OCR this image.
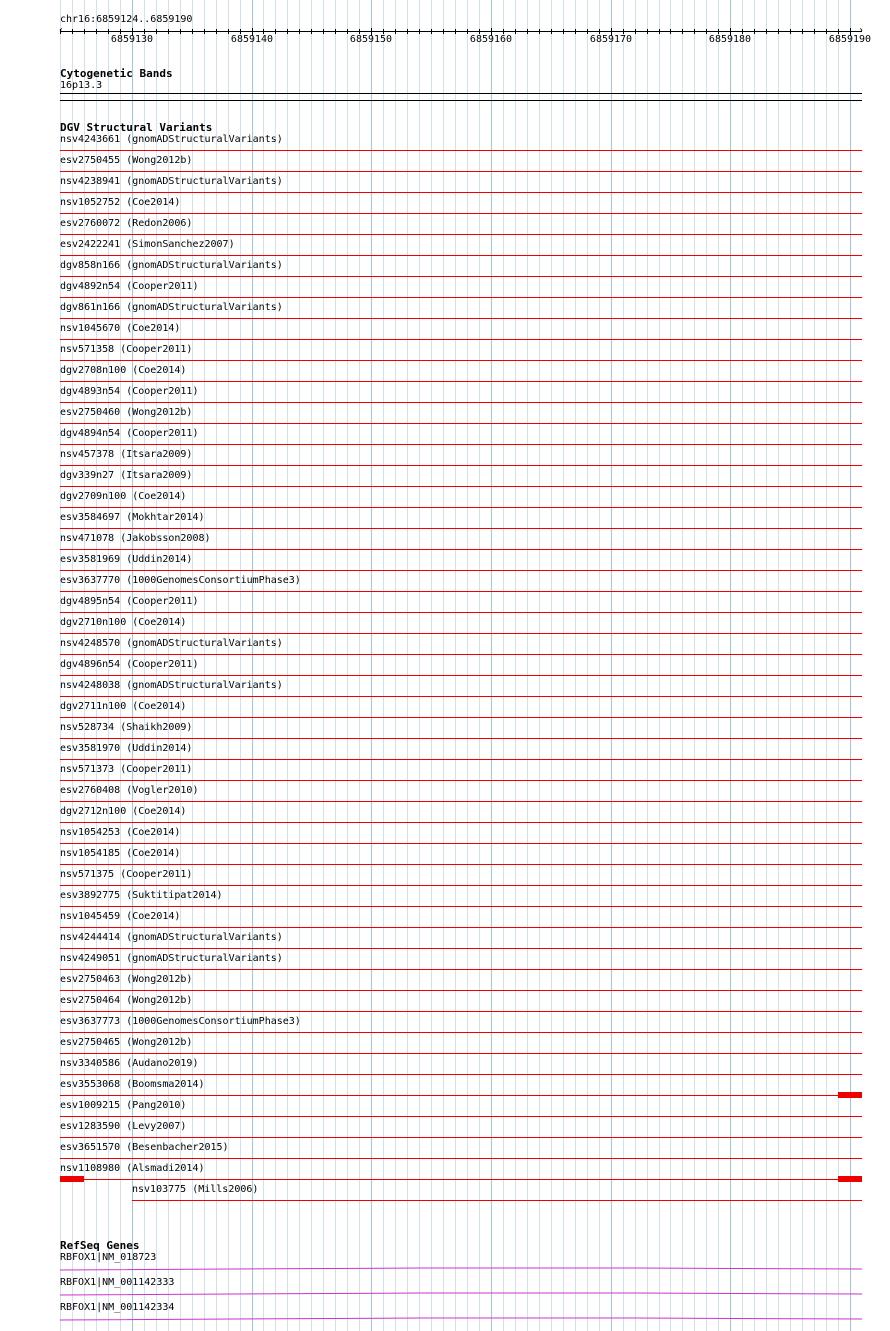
chr16:6859124..6859190
‹	›
6859130	6859140	6859150	6859160	6859170	6859180	6859190
Cytogenetic Bands
16p13.3
DGV Structural Variants
nsv4243661 (gnomADStructuralVariants)
esv2750455 (Wong2012b)
nsv4238941 (gnomADStructuralVariants)
nsv1052752 (Coe2014)
esv2760072 (Redon2006)
esv2422241 (SimonSanchez2007)
dgv858n166 (gnomADStructuralVariants)
dgv4892n54 (Cooper2011)
dgv861n166 (gnomADStructuralVariants)
nsv1045670 (Coe2014)
nsv571358 (Cooper2011)
dgv2708n100 (Coe2014)
dgv4893n54 (Cooper2011)
esv2750460 (Wong2012b)
dgv4894n54 (Cooper2011)
nsv457378 (Itsara2009)
dgv339n27 (Itsara2009)
dgv2709n100 (Coe2014)
esv3584697 (Mokhtar2014)
nsv471078 (Jakobsson2008)
esv3581969 (Uddin2014)
esv3637770 (1000GenomesConsortiumPhase3)
dgv4895n54 (Cooper2011)
dgv2710n100 (Coe2014)
nsv4248570 (gnomADStructuralVariants)
dgv4896n54 (Cooper2011)
nsv4248038 (gnomADStructuralVariants)
dgv2711n100 (Coe2014)
nsv528734 (Shaikh2009)
esv3581970 (Uddin2014)
nsv571373 (Cooper2011)
esv2760408 (Vogler2010)
dgv2712n100 (Coe2014)
nsv1054253 (Coe2014)
nsv1054185 (Coe2014)
nsv571375 (Cooper2011)
esv3892775 (Suktitipat2014)
nsv1045459 (Coe2014)
nsv4244414 (gnomADStructuralVariants)
nsv4249051 (gnomADStructuralVariants)
esv2750463 (Wong2012b)
esv2750464 (Wong2012b)
esv3637773 (1000GenomesConsortiumPhase3)
esv2750465 (Wong2012b)
nsv3340586 (Audano2019)
esv3553068 (Boomsma2014)
esv1009215 (Pang2010)
esv1283590 (Levy2007)
esv3651570 (Besenbacher2015)
nsv1108980 (Alsmadi2014)
nsv103775 (Mills2006)
RefSeq Genes
RBFOX1|NM_018723
RBFOX1|NM_001142333
RBFOX1|NM_001142334
